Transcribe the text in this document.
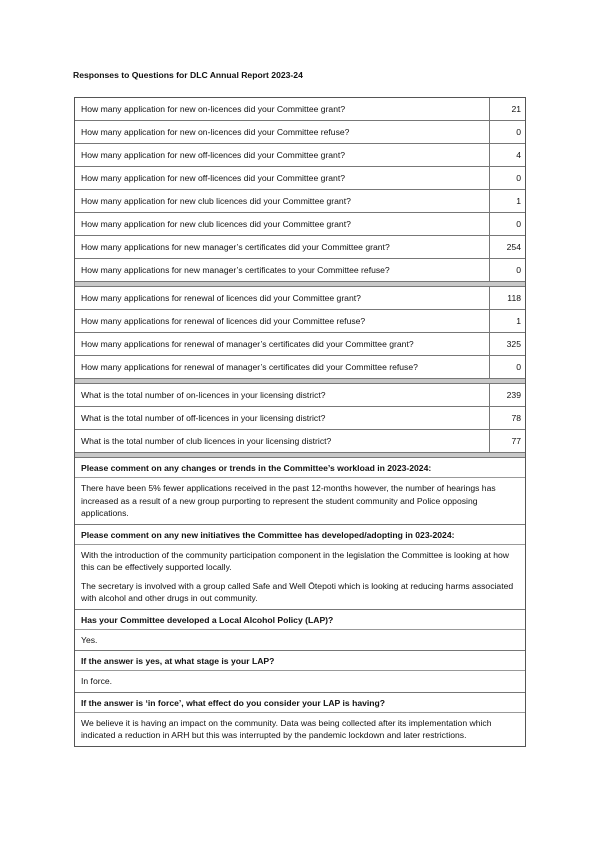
Responses to Questions for DLC Annual Report 2023-24
How many application for new on-licences did your Committee grant?	21
How many application for new on-licences did your Committee refuse?	0
How many application for new off-licences did your Committee grant?	4
How many application for new off-licences did your Committee grant?	0
How many application for new club licences did your Committee grant?	1
How many application for new club licences did your Committee grant?	0
How many applications for new manager’s certificates did your Committee grant?	254
How many applications for new manager’s certificates to your Committee refuse?	0
How many applications for renewal of licences did your Committee grant?	118
How many applications for renewal of licences did your Committee refuse?	1
How many applications for renewal of manager’s certificates did your Committee grant?	325
How many applications for renewal of manager’s certificates did your Committee refuse?	0
What is the total number of on-licences in your licensing district?	239
What is the total number of off-licences in your licensing district?	78
What is the total number of club licences in your licensing district?	77
Please comment on any changes or trends in the Committee’s workload in 2023-2024:

There have been 5% fewer applications received in the past 12-months however, the number of hearings has increased as a result of a new group purporting to represent the student community and Police opposing applications.

Please comment on any new initiatives the Committee has developed/adopting in 023-2024:

With the introduction of the community participation component in the legislation the Committee is looking at how this can be effectively supported locally.

The secretary is involved with a group called Safe and Well Ōtepoti which is looking at reducing harms associated with alcohol and other drugs in out community.

Has your Committee developed a Local Alcohol Policy (LAP)?

Yes.

If the answer is yes, at what stage is your LAP?

In force.

If the answer is ‘in force’, what effect do you consider your LAP is having?

We believe it is having an impact on the community. Data was being collected after its implementation which indicated a reduction in ARH but this was interrupted by the pandemic lockdown and later restrictions.
